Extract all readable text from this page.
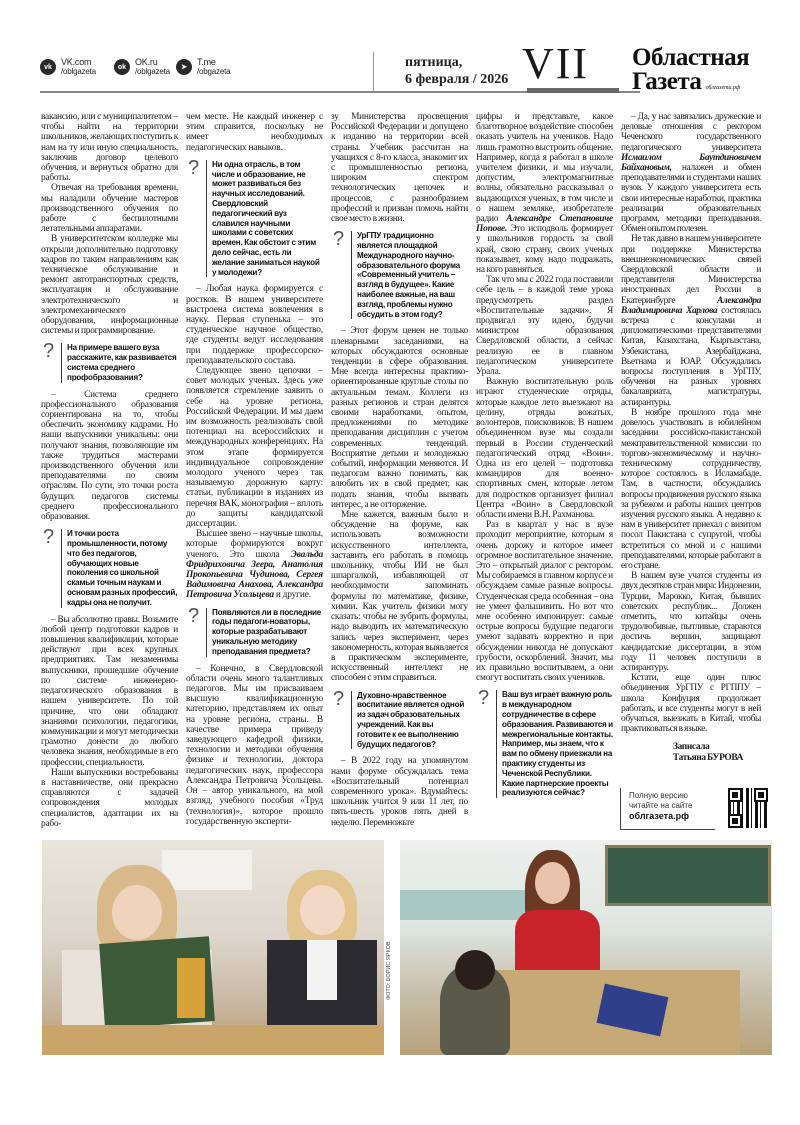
vk	VK.com
/oblgazeta	ok OK.ru
/oblgazeta	➤
T.me
/obgazeta
пятница,
6 февраля / 2026 VII Областная
Газета облгазета.рф

вакансию, или с муниципалитетом – чтобы найти на территории школьников, желающих поступить к нам на ту или иную специальность, заключив договор целевого обучения, и вернуться обратно для работы.

Отвечая на требования времени, мы наладили обучение мастеров производственного обучения по работе с беспилотными летательными аппаратами.

В университетском колледже мы открыли дополнительно подготовку кадров по таким направлениям как техническое обслуживание и ремонт автотранспортных средств, эксплуатация и обслуживание электротехнического и электромеханического оборудования, информационные системы и программирование.

?	На примере вашего вуза расскажите, как развивается система среднего профобразования?

– Система среднего профессионального образования сориентирована на то, чтобы обеспечить экономику кадрами. Но наши выпускники уникальны: они получают знания, позволяющие им также трудиться мастерами производственного обучения или преподавателями по своим отраслям. По сути, это точки роста будущих педагогов системы среднего профессионального образования.

?	И точки роста промышленности, потому что без педагогов, обучающих новые поколения со школьной скамьи точным наукам и основам разных профессий, кадры она не получит.

– Вы абсолютно правы. Возьмите любой центр подготовки кадров и повышения квалификации, которые действуют при всех крупных предприятиях. Там незаменимы выпускники, прошедшие обучение по системе инженерно-педагогического образования в нашем университете. По той причине, что они обладают знаниями психологии, педагогики, коммуникации и могут методически грамотно донести до любого человека знания, необходимые в его профессии, специальности.

Наши выпускники востребованы в наставничестве, они прекрасно справляются с задачей сопровождения молодых специалистов, адаптации их на рабо-

чем месте. Не каждый инженер с этим справится, поскольку не имеет необходимых педагогических навыков.

?	Ни одна отрасль, в том числе и образование, не может развиваться без научных исследований. Свердловский педагогический вуз славился научными школами с советских времен. Как обстоит с этим дело сейчас, есть ли желание заниматься наукой у молодежи?

– Любая наука формируется с ростков. В нашем университете выстроена система вовлечения в науку. Первая ступенька – это студенческое научное общество, где студенты ведут исследования при поддержке профессорско-преподавательского состава.

Следующее звено цепочки – совет молодых ученых. Здесь уже появляется стремление заявить о себе на уровне региона, Российской Федерации. И мы даем им возможность реализовать свой потенциал на всероссийских и международных конференциях. На этом этапе формируется индивидуальное сопровождение молодого ученого через так называемую дорожную карту: статьи, публикации в изданиях из перечня ВАК, монография – вплоть до защиты кандидатской диссертации.

Высшее звено – научные школы, которые формируются вокруг ученого. Это школа Эвальда Фридриховича Зеера, Анатолия Прокопьевича Чудинова, Сергея Вадимовича Анахова, Александра Петровича Усольцева и другие.

?	Появляются ли в последние годы педагоги-новаторы, которые разрабатывают уникальную методику преподавания предмета?

– Конечно, в Свердловской области очень много талантливых педагогов. Мы им присваиваем высшую квалификационную категорию, представляем их опыт на уровне региона, страны. В качестве примера приведу заведующего кафедрой физики, технологии и методики обучения физике и технологии, доктора педагогических наук, профессора Александра Петровича Усольцева. Он – автор уникального, на мой взгляд, учебного пособия «Труд (технология)», которое прошло государственную эксперти-

зу Министерства просвещения Российской Федерации и допущено к изданию на территории всей страны. Учебник рассчитан на учащихся с 8-го класса, знакомит их с промышленностью региона, широким спектром технологических цепочек и процессов, с разнообразием профессий и призван помочь найти свое место в жизни.

?	УрГПУ традиционно является площадкой Международного научно-образовательного форума «Современный учитель – взгляд в будущее». Какие наиболее важные, на ваш взгляд, проблемы нужно обсудить в этом году?

– Этот форум ценен не только пленарными заседаниями, на которых обсуждаются основные тенденции в сфере образования. Мне всегда интересны практико-ориентированные круглые столы по актуальным темам. Коллеги из разных регионов и стран делятся своими наработками, опытом, предложениями по методике преподавания дисциплин с учетом современных тенденций. Восприятие детьми и молодежью событий, информации меняются. И педагогам важно понимать, как влюбить их в свой предмет, как подать знания, чтобы вызвать интерес, а не отторжение.

Мне кажется, важным было и обсуждение на форуме, как использовать возможности искусственного интеллекта, заставить его работать в помощь школьнику, чтобы ИИ не был шпаргалкой, избавляющей от необходимости запоминать формулы по математике, физике, химии. Как учитель физики могу сказать: чтобы не зубрить формулы, надо выводить их математическую запись через эксперимент, через закономерность, которая выявляется в практическом эксперименте, искусственный интеллект не способен с этим справиться.

?	Духовно-нравственное воспитание является одной из задач образовательных учреждений. Как вы готовите к ее выполнению будущих педагогов?

– В 2022 году на упомянутом нами форуме обсуждалась тема «Воспитательный потенциал современного урока». Вдумайтесь: школьник учится 9 или 11 лет, по пять-шесть уроков пять дней в неделю. Перемножьте

цифры и представьте, какое благотворное воздействие способен оказать учитель на учеников. Надо лишь грамотно выстроить общение. Например, когда я работал в школе учителем физики, и мы изучали, допустим, электромагнитные волны, обязательно рассказывал о выдающихся ученых, в том числе и о нашем земляке, изобретателе радио Александре Степановиче Попове. Это исподволь формирует у школьников гордость за свой край, свою страну, своих ученых показывает, кому надо подражать, на кого равняться.

Так что мы с 2022 года поставили себе цель – в каждой теме урока предусмотреть раздел «Воспитательные задачи». Я продвигал эту идею, будучи министром образования Свердловской области, а сейчас реализую ее в главном педагогическом университете Урала.

Важную воспитательную роль играют студенческие отряды, которые каждое лето выезжают на целину, отряды вожатых, волонтеров, поисковиков. В нашем объединенном вузе мы создали первый в России студенческий педагогический отряд «Воин». Одна из его целей – подготовка командиров для военно-спортивных смен, которые летом для подростков организует филиал Центра «Воин» в Свердловской области имени В.Н. Рахманова.

Раз в квартал у нас в вузе проходит мероприятие, которым я очень дорожу и которое имеет огромное воспитательное значение. Это – открытый диалог с ректором. Мы собираемся в главном корпусе и обсуждаем самые разные вопросы. Студенческая среда особенная – она не умеет фальшивить. Но вот что мне особенно импонирует: самые острые вопросы будущие педагоги умеют задавать корректно и при обсуждении никогда не допускают грубости, оскорблений. Значит, мы их правильно воспитываем, а они смогут воспитать своих учеников.

?	Ваш вуз играет важную роль в международном сотрудничестве в сфере образования. Развиваются и межрегиональные контакты. Например, мы знаем, что к вам по обмену приезжали на практику студенты из Чеченской Республики. Какие партнерские проекты реализуются сейчас?

– Да, у нас завязались дружеские и деловые отношения с ректором Чеченского государственного педагогического университета Исмаилом Баутдиновичем Байхановым, налажен и обмен преподавателями и студентами наших вузов. У каждого университета есть свои интересные наработки, практика реализации образовательных программ, методики преподавания. Обмен опытом полезен.

Не так давно в нашем университете при поддержке Министерства внешнеэкономических связей Свердловской области и представителя Министерства иностранных дел России в Екатеринбурге Александра Владимировича Харлова состоялась встреча с консулами и дипломатическими представителями Китая, Казахстана, Кыргызстана, Узбекистана, Азербайджана, Вьетнама и ЮАР. Обсуждались вопросы поступления в УрГПУ, обучения на разных уровнях бакалавриата, магистратуры, аспирантуры.

В ноябре прошлого года мне довелось участвовать в юбилейном заседании российско-пакистанской межправительственной комиссии по торгово-экономическому и научно-техническому сотрудничеству, которое состоялось в Исламабаде. Там, в частности, обсуждались вопросы продвижения русского языка за рубежом и работы наших центров изучения русского языка. А недавно к нам в университет приехал с визитом посол Пакистана с супругой, чтобы встретиться со мной и с нашими преподавателями, которые работают в его стране.

В нашем вузе учатся студенты из двух десятков стран мира: Индонезии, Турции, Марокко, Китая, бывших советских республик... Должен отметить, что китайцы очень трудолюбивые, пытливые, стараются достичь вершин, защищают кандидатские диссертации, в этом году 11 человек поступили в аспирантуру.

Кстати, еще один плюс объединения УрГПУ с РГППУ – школа Конфуция продолжает работать, и все студенты могут в ней обучаться, выезжать в Китай, чтобы практиковаться в языке.

Записала
Татьяна БУРОВА
Полную версию читайте на сайте
облгазета.рф
ФОТО: БОРИС ЯРКОВ
